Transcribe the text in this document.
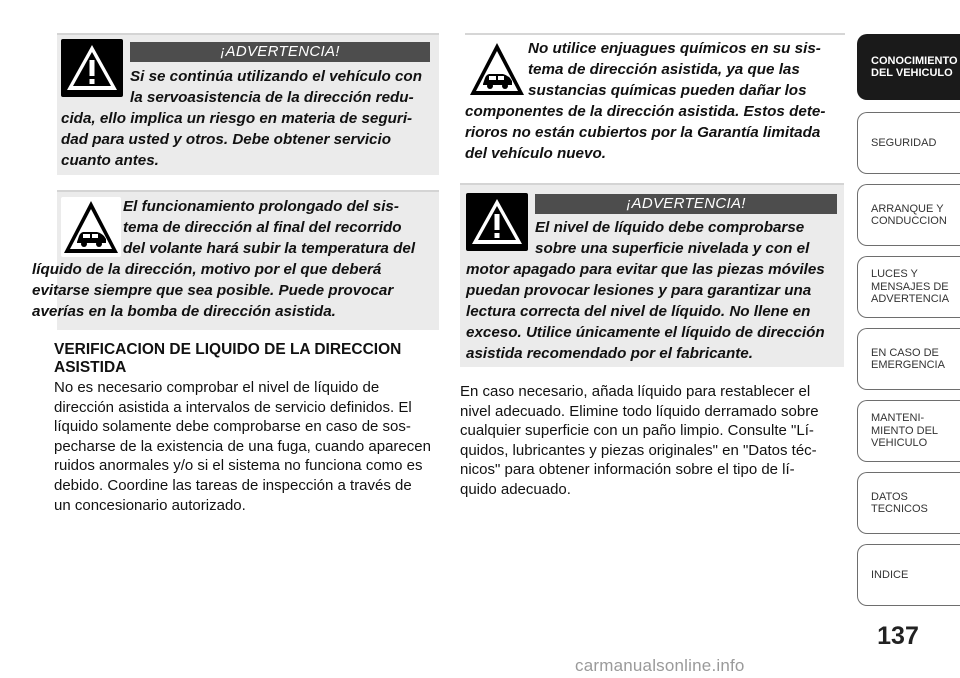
¡ADVERTENCIA!
Si se continúa utilizando el vehículo con
la servoasistencia de la dirección redu-
cida, ello implica un riesgo en materia de seguri-
dad para usted y otros. Debe obtener servicio
cuanto antes.
El funcionamiento prolongado del sis-
tema de dirección al final del recorrido
del volante hará subir la temperatura del
líquido de la dirección, motivo por el que deberá
evitarse siempre que sea posible. Puede provocar
averías en la bomba de dirección asistida.
VERIFICACION DE LIQUIDO DE LA DIRECCION ASISTIDA
No es necesario comprobar el nivel de líquido de
dirección asistida a intervalos de servicio definidos. El
líquido solamente debe comprobarse en caso de sos-
pecharse de la existencia de una fuga, cuando aparecen
ruidos anormales y/o si el sistema no funciona como es
debido. Coordine las tareas de inspección a través de
un concesionario autorizado.
No utilice enjuagues químicos en su sis-
tema de dirección asistida, ya que las
sustancias químicas pueden dañar los
componentes de la dirección asistida. Estos dete-
rioros no están cubiertos por la Garantía limitada
del vehículo nuevo.
¡ADVERTENCIA!
El nivel de líquido debe comprobarse
sobre una superficie nivelada y con el
motor apagado para evitar que las piezas móviles
puedan provocar lesiones y para garantizar una
lectura correcta del nivel de líquido. No llene en
exceso. Utilice únicamente el líquido de dirección
asistida recomendado por el fabricante.
En caso necesario, añada líquido para restablecer el
nivel adecuado. Elimine todo líquido derramado sobre
cualquier superficie con un paño limpio. Consulte "Lí-
quidos, lubricantes y piezas originales" en "Datos téc-
nicos" para obtener información sobre el tipo de lí-
quido adecuado.
CONOCIMIENTO
DEL VEHICULO
SEGURIDAD
ARRANQUE Y
CONDUCCION
LUCES Y
MENSAJES DE
ADVERTENCIA
EN CASO DE
EMERGENCIA
MANTENI-
MIENTO DEL
VEHICULO
DATOS
TECNICOS
INDICE
137
carmanualsonline.info
